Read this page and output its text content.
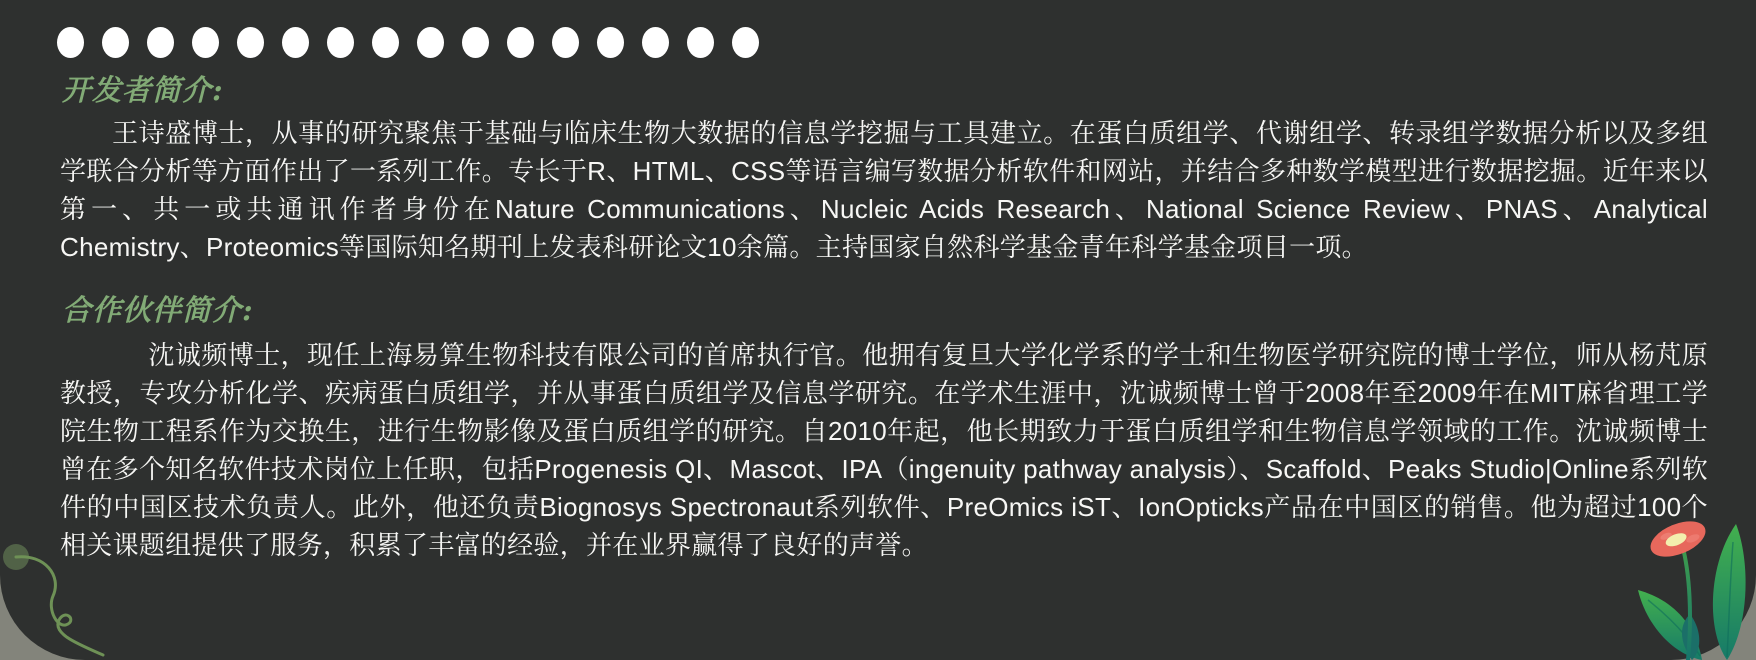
开发者简介:
王诗盛博士，从事的研究聚焦于基础与临床生物大数据的信息学挖掘与工具建立。在蛋白质组学、代谢组学、转录组学数据分析以及多组学联合分析等方面作出了一系列工作。专长于R、HTML、CSS等语言编写数据分析软件和网站，并结合多种数学模型进行数据挖掘。近年来以第一、共一或共通讯作者身份在Nature Communications、Nucleic Acids Research、National Science Review、PNAS、Analytical Chemistry、Proteomics等国际知名期刊上发表科研论文10余篇。主持国家自然科学基金青年科学基金项目一项。
合作伙伴简介:
沈诚频博士，现任上海易算生物科技有限公司的首席执行官。他拥有复旦大学化学系的学士和生物医学研究院的博士学位，师从杨芃原教授，专攻分析化学、疾病蛋白质组学，并从事蛋白质组学及信息学研究。在学术生涯中，沈诚频博士曾于2008年至2009年在MIT麻省理工学院生物工程系作为交换生，进行生物影像及蛋白质组学的研究。自2010年起，他长期致力于蛋白质组学和生物信息学领域的工作。沈诚频博士曾在多个知名软件技术岗位上任职，包括Progenesis QI、Mascot、IPA（ingenuity pathway analysis）、Scaffold、Peaks Studio|Online系列软件的中国区技术负责人。此外，他还负责Biognosys Spectronaut系列软件、PreOmics iST、IonOpticks产品在中国区的销售。他为超过100个相关课题组提供了服务，积累了丰富的经验，并在业界赢得了良好的声誉。
